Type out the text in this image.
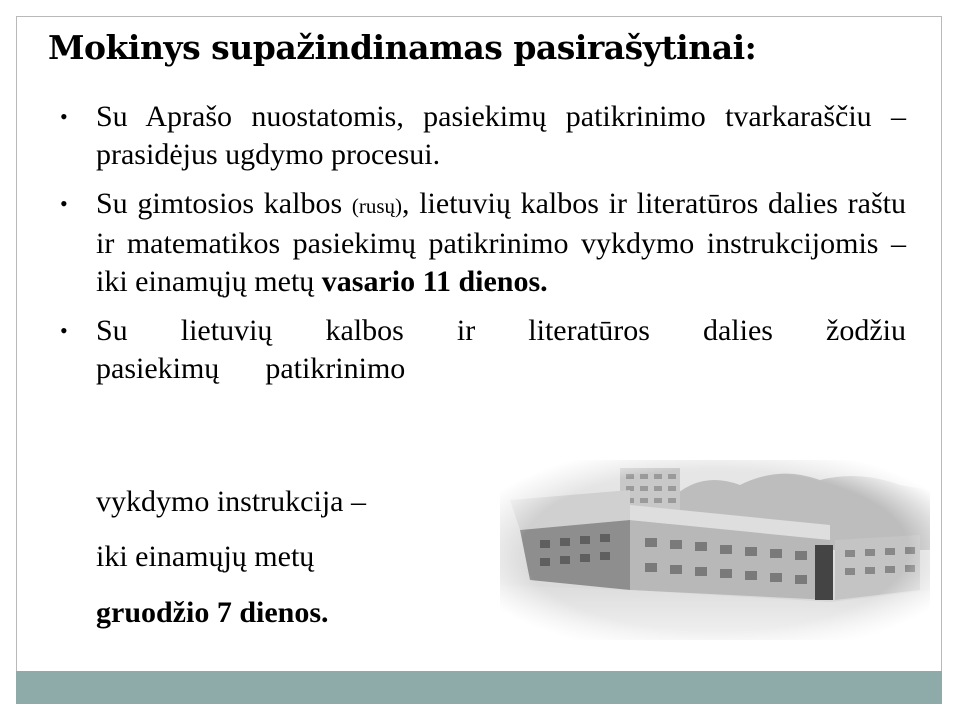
Mokinys supažindinamas pasirašytinai:
• Su Aprašo nuostatomis, pasiekimų patikrinimo tvarkaraščiu – prasidėjus ugdymo procesui.
• Su gimtosios kalbos (rusų), lietuvių kalbos ir literatūros dalies raštu ir matematikos pasiekimų patikrinimo vykdymo instrukcijomis – iki einamųjų metų vasario 11 dienos.
• Su lietuvių kalbos ir literatūros dalies žodžiu
pasiekimų patikrinimo
vykdymo instrukcija –
iki einamųjų metų
gruodžio 7 dienos.
